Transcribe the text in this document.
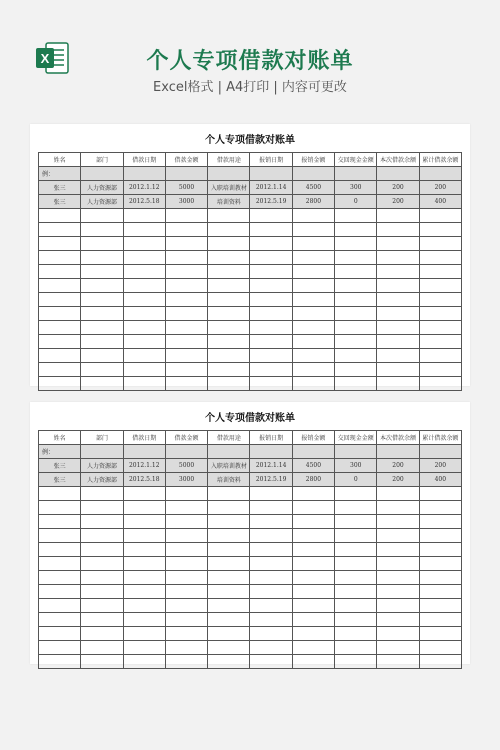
X	个人专项借款对账单
Excel格式 | A4打印 | 内容可更改
个人专项借款对账单
姓名	部门	借款日期	借款金额	借款用途	报销日期	报销金额	交回现金金额	本次借款余额	累计借款余额
例：									
张三	人力资源部	2012.1.12	5000	入职培训教材	2012.1.14	4500	300	200	200
张三	人力资源部	2012.5.18	3000	培训资料	2012.5.19	2800	0	200	400

个人专项借款对账单
姓名	部门	借款日期	借款金额	借款用途	报销日期	报销金额	交回现金金额	本次借款余额	累计借款余额
例：									
张三	人力资源部	2012.1.12	5000	入职培训教材	2012.1.14	4500	300	200	200
张三	人力资源部	2012.5.18	3000	培训资料	2012.5.19	2800	0	200	400
